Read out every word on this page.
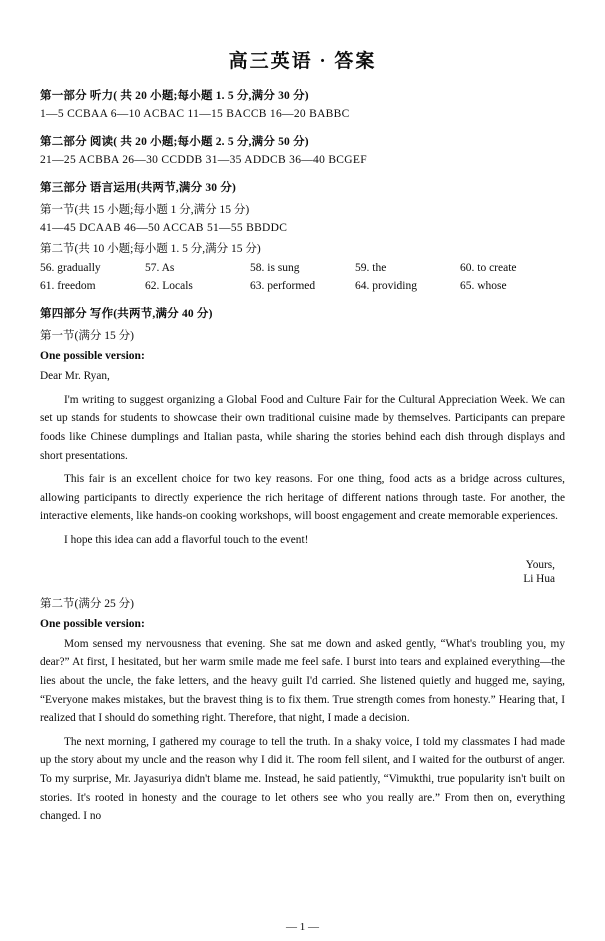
高三英语 · 答案
第一部分 听力( 共 20 小题;每小题 1. 5 分,满分 30 分)
1—5 CCBAA 6—10 ACBAC 11—15 BACCB 16—20 BABBC
第二部分 阅读( 共 20 小题;每小题 2. 5 分,满分 50 分)
21—25 ACBBA 26—30 CCDDB 31—35 ADDCB 36—40 BCGEF
第三部分 语言运用(共两节,满分 30 分)
第一节(共 15 小题;每小题 1 分,满分 15 分)
41—45 DCAAB 46—50 ACCAB 51—55 BBDDC
第二节(共 10 小题;每小题 1. 5 分,满分 15 分)
56. gradually	57. As	58. is sung	59. the	60. to create
61. freedom	62. Locals	63. performed	64. providing	65. whose
第四部分 写作(共两节,满分 40 分)
第一节(满分 15 分)
One possible version:
Dear Mr. Ryan,
I'm writing to suggest organizing a Global Food and Culture Fair for the Cultural Appreciation Week. We can set up stands for students to showcase their own traditional cuisine made by themselves. Participants can prepare foods like Chinese dumplings and Italian pasta, while sharing the stories behind each dish through displays and short presentations.
This fair is an excellent choice for two key reasons. For one thing, food acts as a bridge across cultures, allowing participants to directly experience the rich heritage of different nations through taste. For another, the interactive elements, like hands-on cooking workshops, will boost engagement and create memorable experiences.
I hope this idea can add a flavorful touch to the event!
Yours,
Li Hua
第二节(满分 25 分)
One possible version:
Mom sensed my nervousness that evening. She sat me down and asked gently, “What's troubling you, my dear?” At first, I hesitated, but her warm smile made me feel safe. I burst into tears and explained everything—the lies about the uncle, the fake letters, and the heavy guilt I'd carried. She listened quietly and hugged me, saying, “Everyone makes mistakes, but the bravest thing is to fix them. True strength comes from honesty.” Hearing that, I realized that I should do something right. Therefore, that night, I made a decision.
The next morning, I gathered my courage to tell the truth. In a shaky voice, I told my classmates I had made up the story about my uncle and the reason why I did it. The room fell silent, and I waited for the outburst of anger. To my surprise, Mr. Jayasuriya didn't blame me. Instead, he said patiently, “Vimukthi, true popularity isn't built on stories. It's rooted in honesty and the courage to let others see who you really are.” From then on, everything changed. I no
— 1 —
